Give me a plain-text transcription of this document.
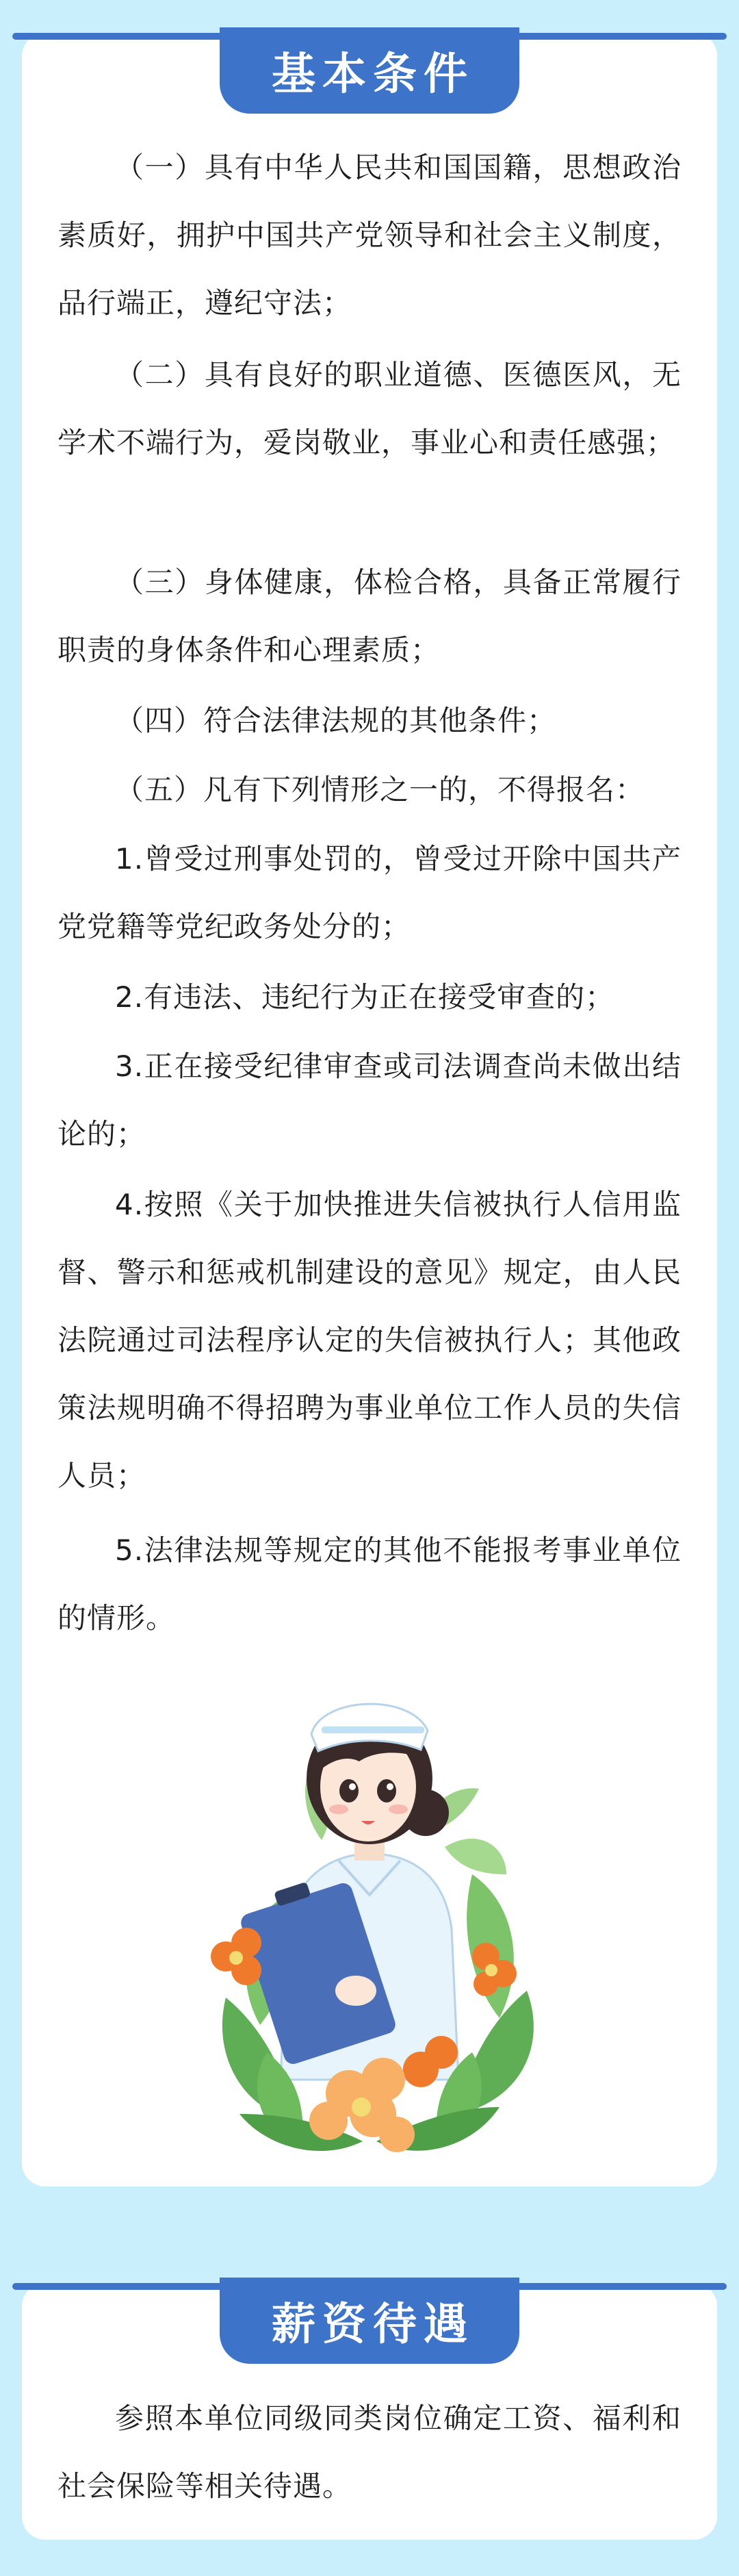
基本条件
（一）具有中华人民共和国国籍，思想政治素质好，拥护中国共产党领导和社会主义制度，品行端正，遵纪守法；
（二）具有良好的职业道德、医德医风，无学术不端行为，爱岗敬业，事业心和责任感强；
（三）身体健康，体检合格，具备正常履行职责的身体条件和心理素质；
（四）符合法律法规的其他条件；
（五）凡有下列情形之一的，不得报名：
1.曾受过刑事处罚的，曾受过开除中国共产党党籍等党纪政务处分的；
2.有违法、违纪行为正在接受审查的；
3.正在接受纪律审查或司法调查尚未做出结论的；
4.按照《关于加快推进失信被执行人信用监督、警示和惩戒机制建设的意见》规定，由人民法院通过司法程序认定的失信被执行人；其他政策法规明确不得招聘为事业单位工作人员的失信人员；
5.法律法规等规定的其他不能报考事业单位的情形。
薪资待遇
参照本单位同级同类岗位确定工资、福利和社会保险等相关待遇。
